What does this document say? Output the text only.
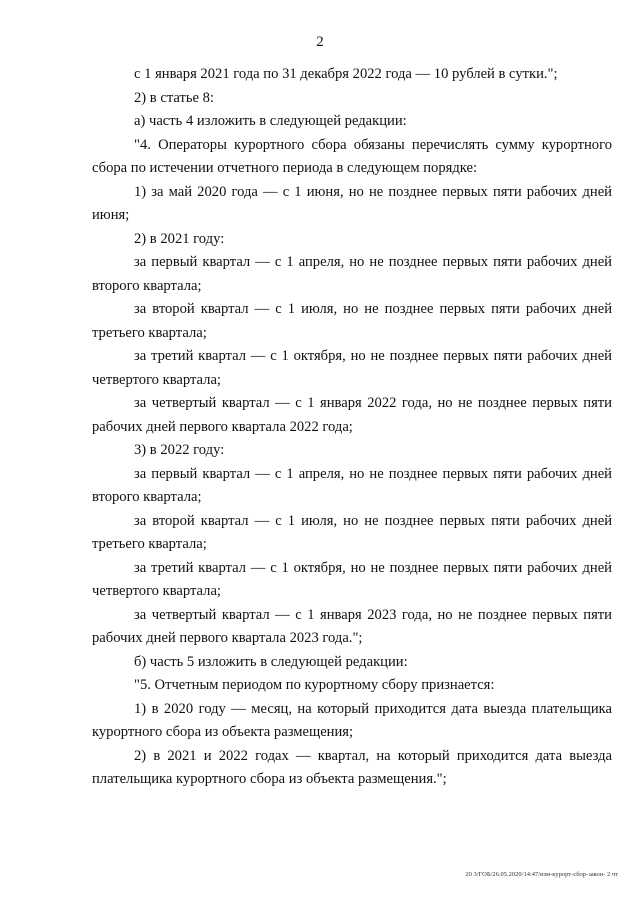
2

с 1 января 2021 года по 31 декабря 2022 года — 10 рублей в сутки.";

2) в статье 8:

а) часть 4 изложить в следующей редакции:

"4. Операторы курортного сбора обязаны перечислять сумму курортного сбора по истечении отчетного периода в следующем порядке:

1) за май 2020 года — с 1 июня, но не позднее первых пяти рабочих дней июня;

2) в 2021 году:

за первый квартал — с 1 апреля, но не позднее первых пяти рабочих дней второго квартала;

за второй квартал — с 1 июля, но не позднее первых пяти рабочих дней третьего квартала;

за третий квартал — с 1 октября, но не позднее первых пяти рабочих дней четвертого квартала;

за четвертый квартал — с 1 января 2022 года, но не позднее первых пяти рабочих дней первого квартала 2022 года;

3) в 2022 году:

за первый квартал — с 1 апреля, но не позднее первых пяти рабочих дней второго квартала;

за второй квартал — с 1 июля, но не позднее первых пяти рабочих дней третьего квартала;

за третий квартал — с 1 октября, но не позднее первых пяти рабочих дней четвертого квартала;

за четвертый квартал — с 1 января 2023 года, но не позднее первых пяти рабочих дней первого квартала 2023 года.";

б) часть 5 изложить в следующей редакции:

"5. Отчетным периодом по курортному сбору признается:

1) в 2020 году — месяц, на который приходится дата выезда плательщика курортного сбора из объекта размещения;

2) в 2021 и 2022 годах — квартал, на который приходится дата выезда плательщика курортного сбора из объекта размещения.";

20 3/ГОБ/26.05.2020/14:47/изм-курорт-сбор-закон- 2 чт
